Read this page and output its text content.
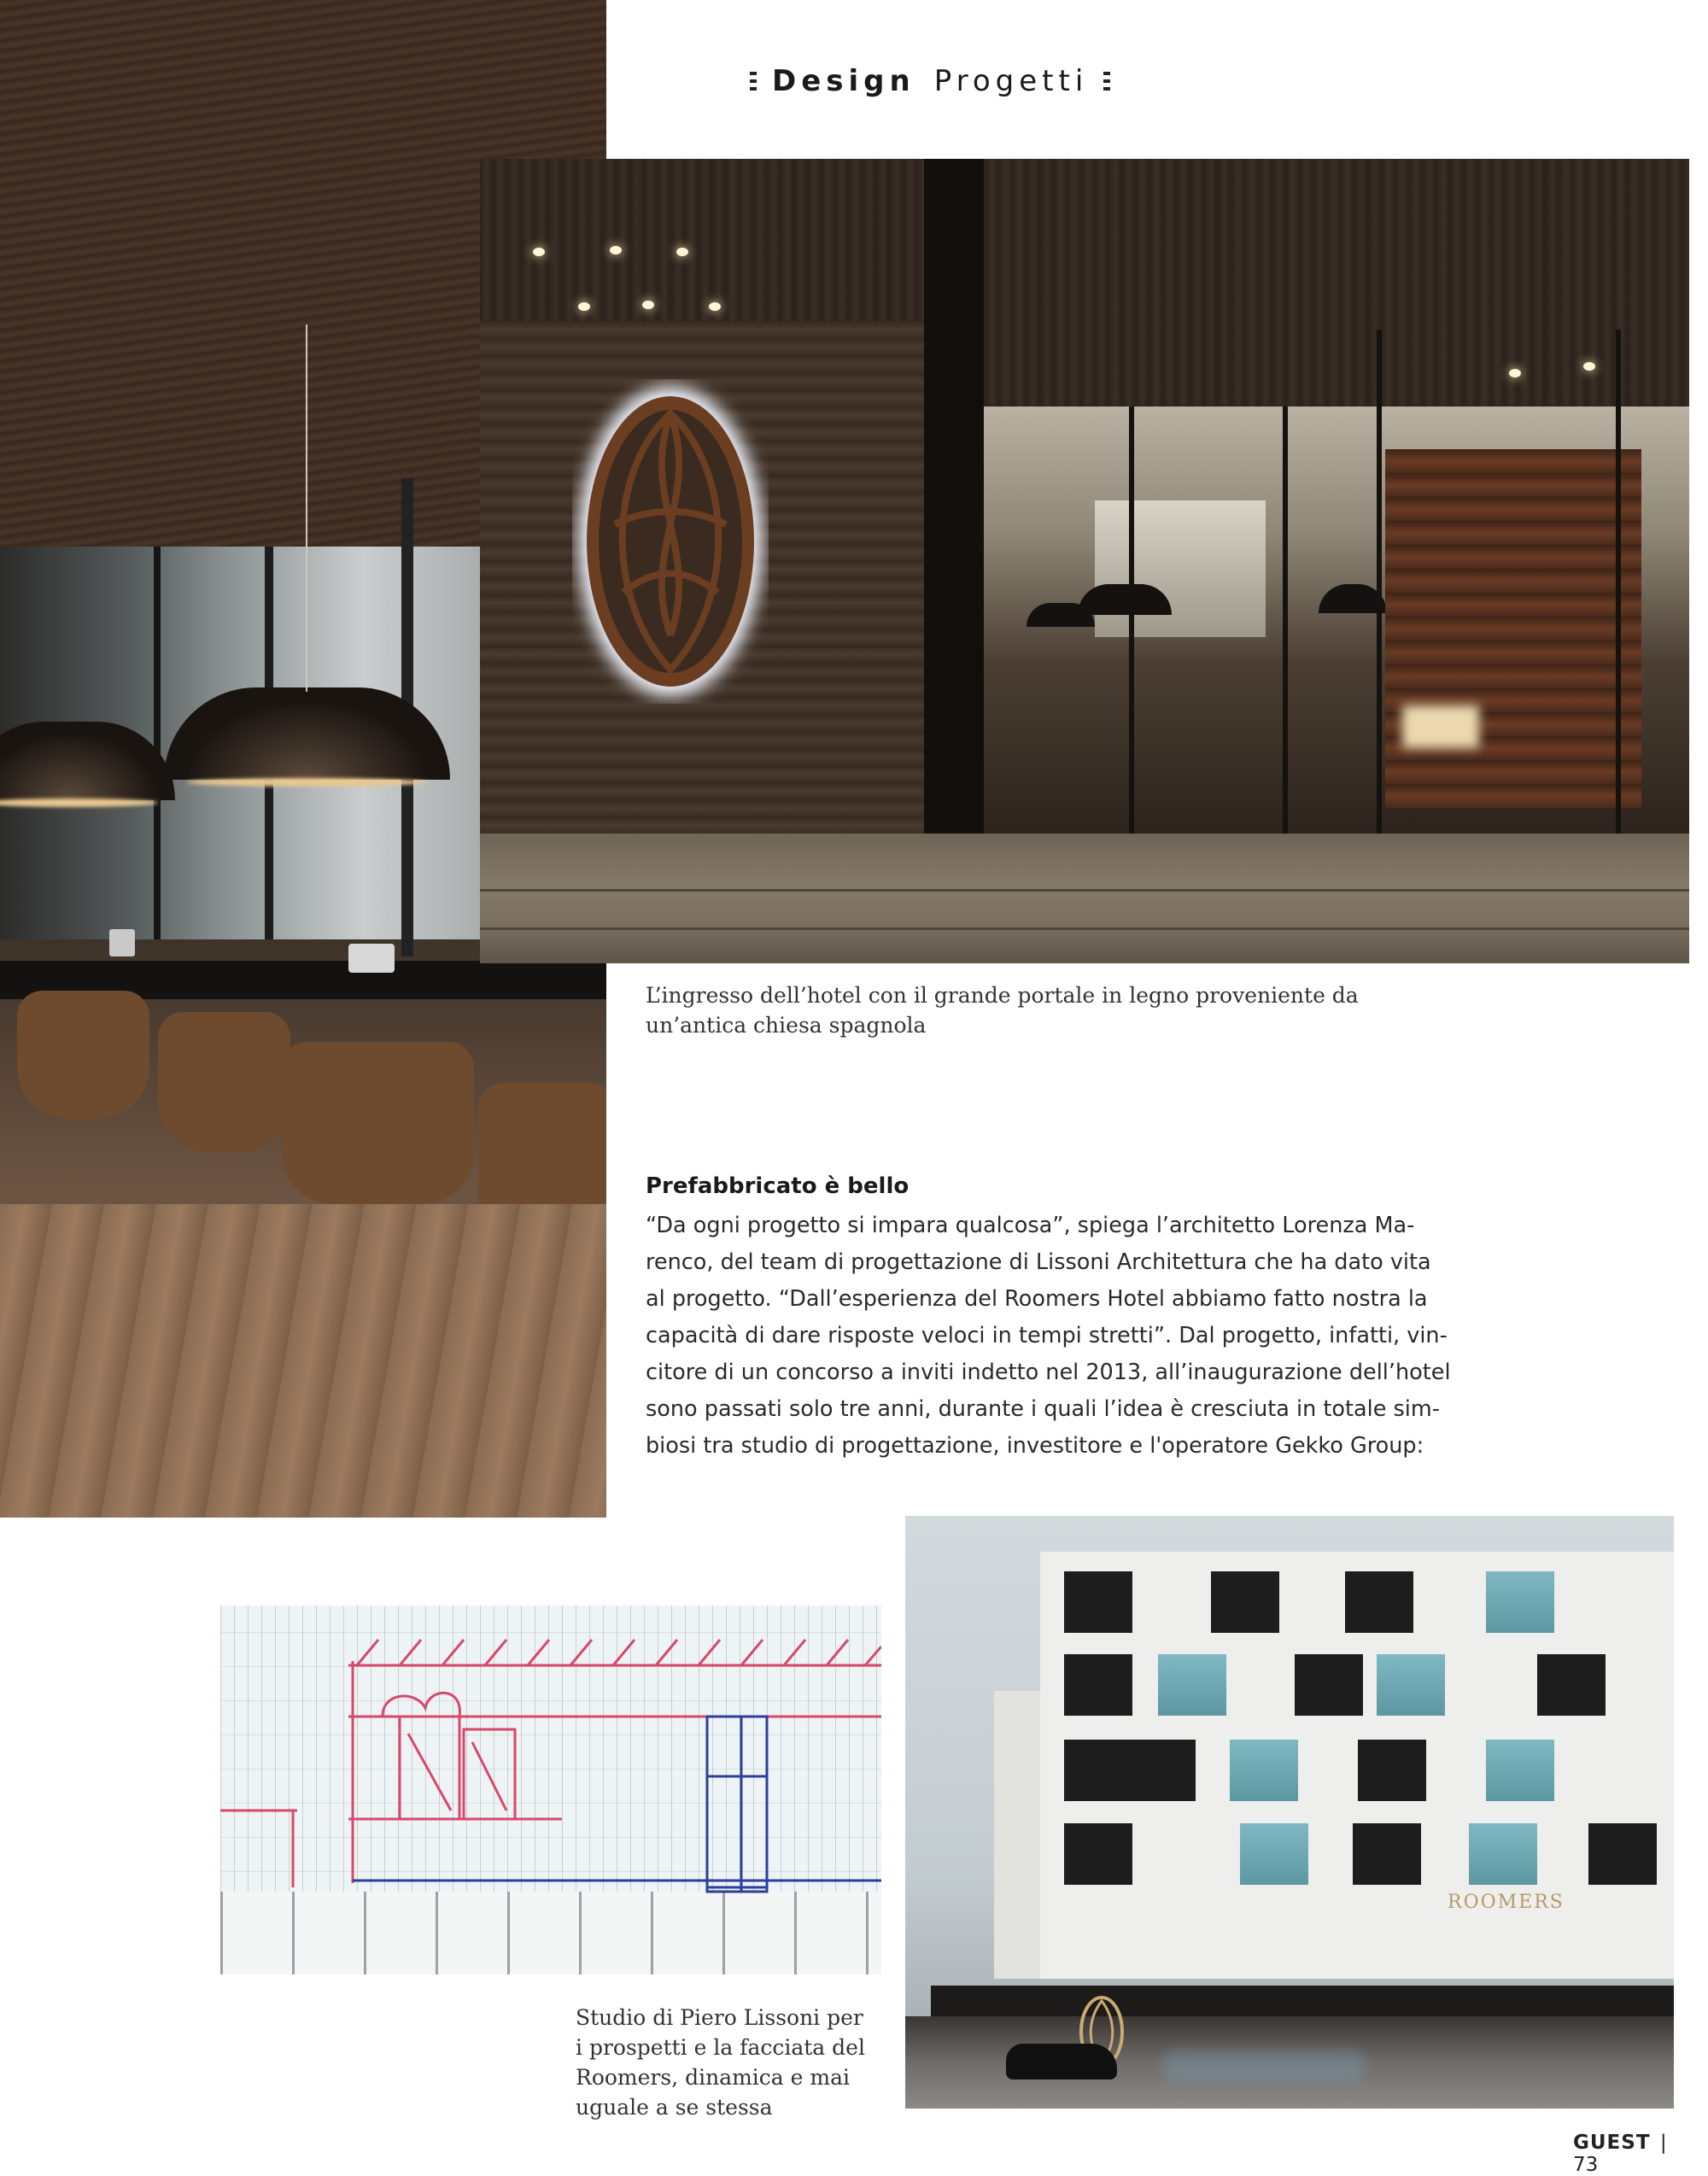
Design Progetti
L’ingresso dell’hotel con il grande portale in legno proveniente da
un’antica chiesa spagnola
Prefabbricato è bello
“Da ogni progetto si impara qualcosa”, spiega l’architetto Lorenza Ma-
renco, del team di progettazione di Lissoni Architettura che ha dato vita
al progetto. “Dall’esperienza del Roomers Hotel abbiamo fatto nostra la
capacità di dare risposte veloci in tempi stretti”. Dal progetto, infatti, vin-
citore di un concorso a inviti indetto nel 2013, all’inaugurazione dell’hotel
sono passati solo tre anni, durante i quali l’idea è cresciuta in totale sim-
biosi tra studio di progettazione, investitore e l'operatore Gekko Group:
Studio di Piero Lissoni per
i prospetti e la facciata del
Roomers, dinamica e mai
uguale a se stessa
ROOMERS
GUEST | 73
